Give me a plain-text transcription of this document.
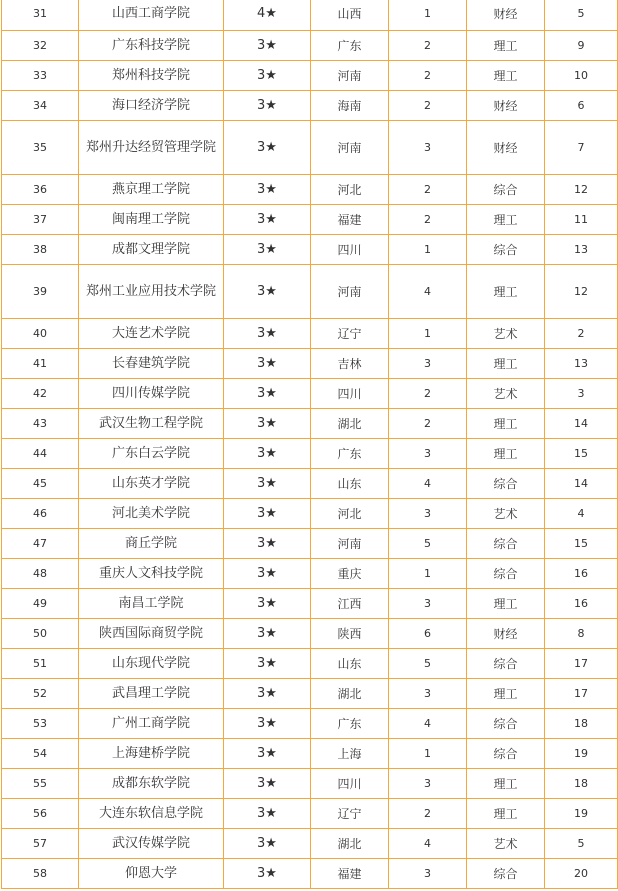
31	山西工商学院	4★	山西	1	财经	5
32	广东科技学院	3★	广东	2	理工	9
33	郑州科技学院	3★	河南	2	理工	10
34	海口经济学院	3★	海南	2	财经	6
35	郑州升达经贸管理学院	3★	河南	3	财经	7
36	燕京理工学院	3★	河北	2	综合	12
37	闽南理工学院	3★	福建	2	理工	11
38	成都文理学院	3★	四川	1	综合	13
39	郑州工业应用技术学院	3★	河南	4	理工	12
40	大连艺术学院	3★	辽宁	1	艺术	2
41	长春建筑学院	3★	吉林	3	理工	13
42	四川传媒学院	3★	四川	2	艺术	3
43	武汉生物工程学院	3★	湖北	2	理工	14
44	广东白云学院	3★	广东	3	理工	15
45	山东英才学院	3★	山东	4	综合	14
46	河北美术学院	3★	河北	3	艺术	4
47	商丘学院	3★	河南	5	综合	15
48	重庆人文科技学院	3★	重庆	1	综合	16
49	南昌工学院	3★	江西	3	理工	16
50	陕西国际商贸学院	3★	陕西	6	财经	8
51	山东现代学院	3★	山东	5	综合	17
52	武昌理工学院	3★	湖北	3	理工	17
53	广州工商学院	3★	广东	4	综合	18
54	上海建桥学院	3★	上海	1	综合	19
55	成都东软学院	3★	四川	3	理工	18
56	大连东软信息学院	3★	辽宁	2	理工	19
57	武汉传媒学院	3★	湖北	4	艺术	5
58	仰恩大学	3★	福建	3	综合	20
